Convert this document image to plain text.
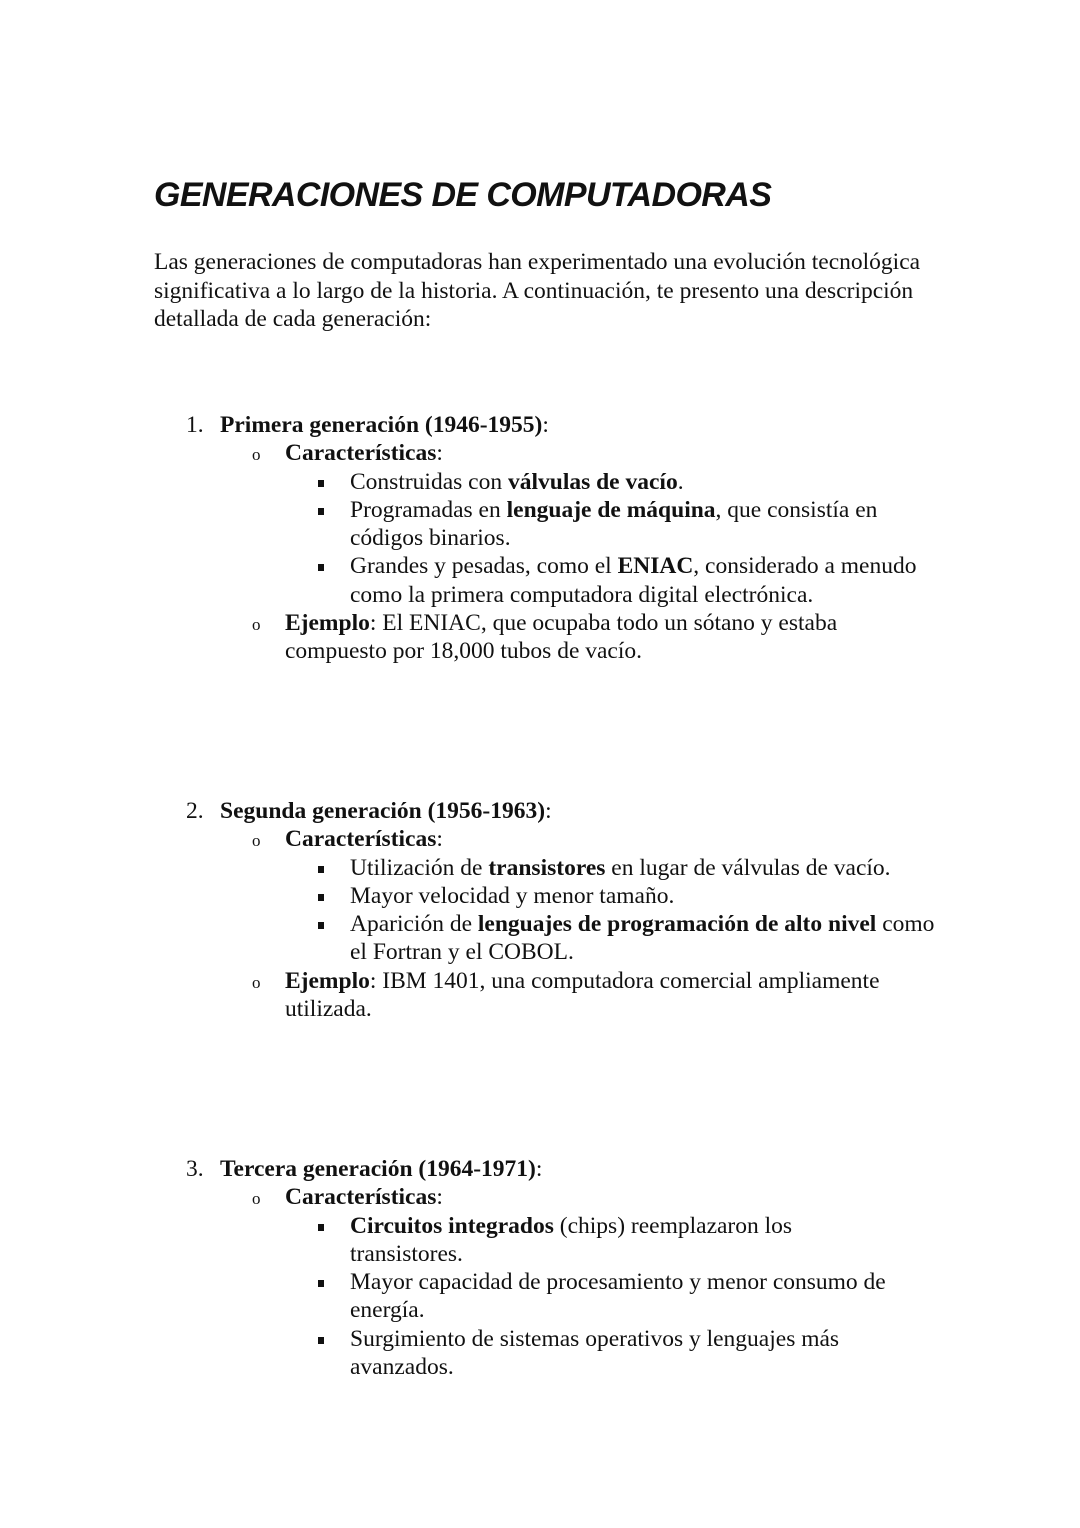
GENERACIONES DE COMPUTADORAS

Las generaciones de computadoras han experimentado una evolución tecnológica significativa a lo largo de la historia. A continuación, te presento una descripción detallada de cada generación:

1. Primera generación (1946-1955):
o Características:
Construidas con válvulas de vacío.
Programadas en lenguaje de máquina, que consistía en códigos binarios.
Grandes y pesadas, como el ENIAC, considerado a menudo como la primera computadora digital electrónica.
o Ejemplo: El ENIAC, que ocupaba todo un sótano y estaba compuesto por 18,000 tubos de vacío.
2. Segunda generación (1956-1963):
o Características:
Utilización de transistores en lugar de válvulas de vacío.
Mayor velocidad y menor tamaño.
Aparición de lenguajes de programación de alto nivel como el Fortran y el COBOL.
o Ejemplo: IBM 1401, una computadora comercial ampliamente utilizada.
3. Tercera generación (1964-1971):
o Características:
Circuitos integrados (chips) reemplazaron los transistores.
Mayor capacidad de procesamiento y menor consumo de energía.
Surgimiento de sistemas operativos y lenguajes más avanzados.
